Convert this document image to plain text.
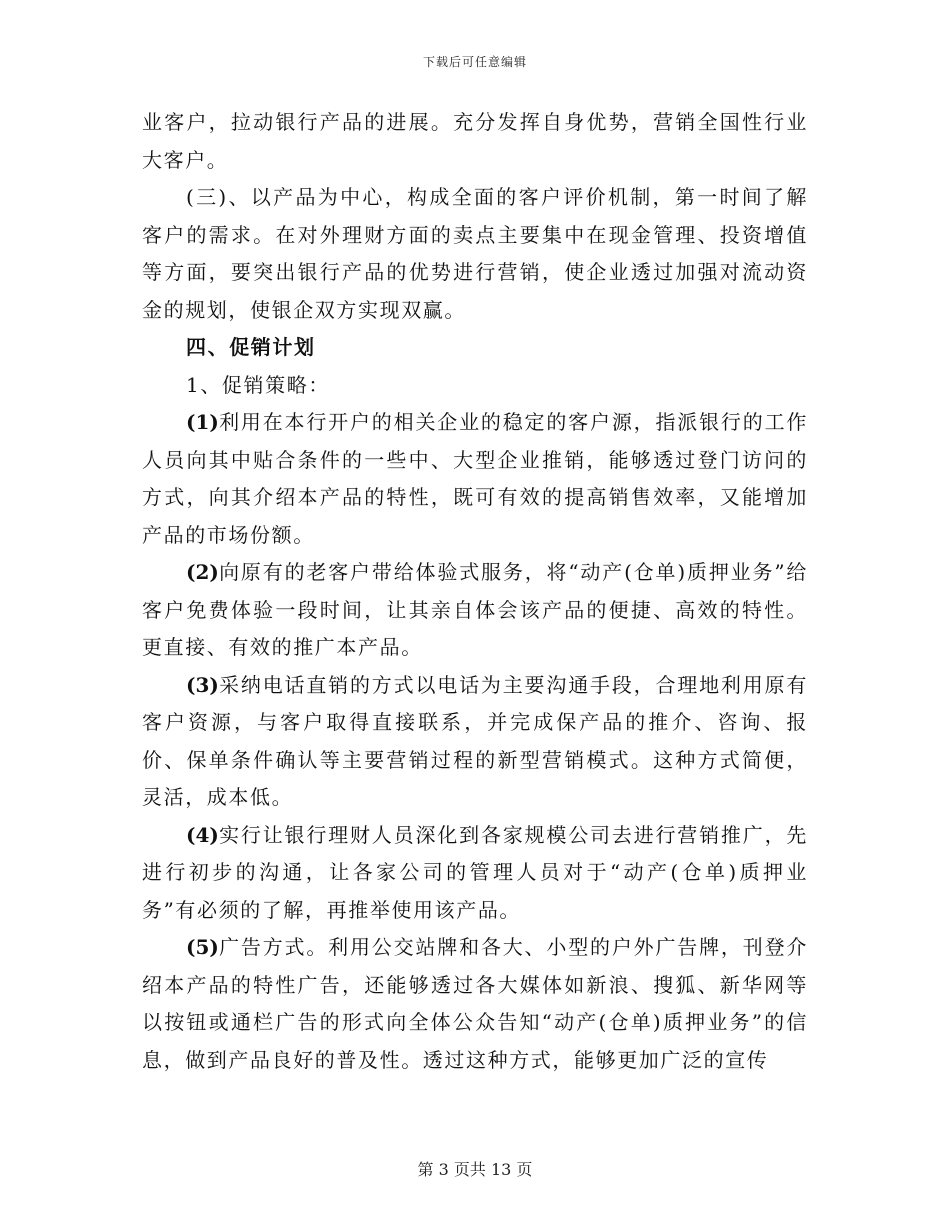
下载后可任意编辑

业客户，拉动银行产品的进展。充分发挥自身优势，营销全国性行业大客户。

(三)、以产品为中心，构成全面的客户评价机制，第一时间了解客户的需求。在对外理财方面的卖点主要集中在现金管理、投资增值等方面，要突出银行产品的优势进行营销，使企业透过加强对流动资金的规划，使银企双方实现双赢。

四、促销计划

1、促销策略：

(1)利用在本行开户的相关企业的稳定的客户源，指派银行的工作人员向其中贴合条件的一些中、大型企业推销，能够透过登门访问的方式，向其介绍本产品的特性，既可有效的提高销售效率，又能增加产品的市场份额。

(2)向原有的老客户带给体验式服务，将“动产(仓单)质押业务”给客户免费体验一段时间，让其亲自体会该产品的便捷、高效的特性。更直接、有效的推广本产品。

(3)采纳电话直销的方式以电话为主要沟通手段，合理地利用原有客户资源，与客户取得直接联系，并完成保产品的推介、咨询、报价、保单条件确认等主要营销过程的新型营销模式。这种方式简便，灵活，成本低。

(4)实行让银行理财人员深化到各家规模公司去进行营销推广，先进行初步的沟通，让各家公司的管理人员对于“动产(仓单)质押业务”有必须的了解，再推举使用该产品。

(5)广告方式。利用公交站牌和各大、小型的户外广告牌，刊登介绍本产品的特性广告，还能够透过各大媒体如新浪、搜狐、新华网等以按钮或通栏广告的形式向全体公众告知“动产(仓单)质押业务”的信息，做到产品良好的普及性。透过这种方式，能够更加广泛的宣传

第 3 页共 13 页
